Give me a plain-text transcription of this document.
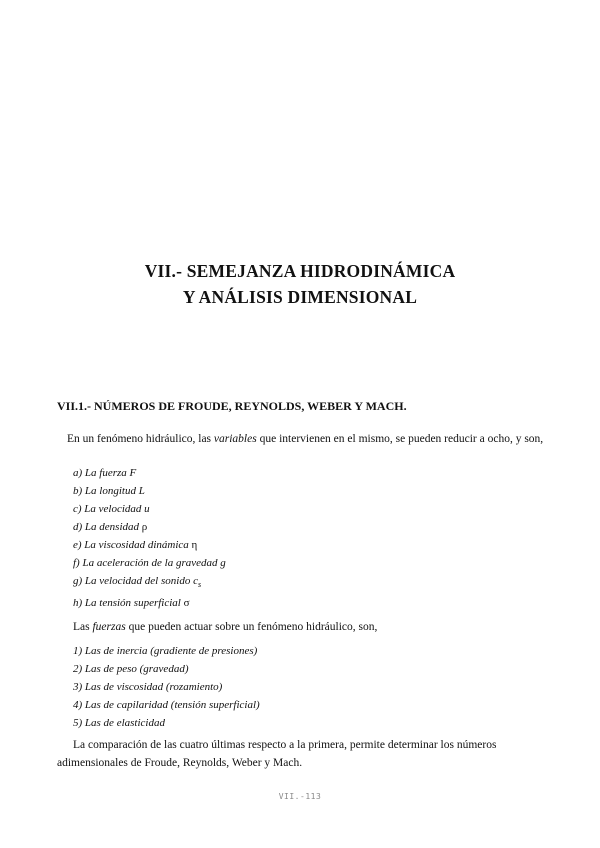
VII.- SEMEJANZA HIDRODINÁMICA
Y ANÁLISIS DIMENSIONAL
VII.1.- NÚMEROS DE FROUDE, REYNOLDS, WEBER Y MACH.
En un fenómeno hidráulico, las variables que intervienen en el mismo, se pueden reducir a ocho, y son,
a) La fuerza F
b) La longitud L
c) La velocidad u
d) La densidad ρ
e) La viscosidad dinámica η
f) La aceleración de la gravedad g
g) La velocidad del sonido $c_s$
h) La tensión superficial σ
Las fuerzas que pueden actuar sobre un fenómeno hidráulico, son,
1) Las de inercia (gradiente de presiones)
2) Las de peso (gravedad)
3) Las de viscosidad (rozamiento)
4) Las de capilaridad (tensión superficial)
5) Las de elasticidad
La comparación de las cuatro últimas respecto a la primera, permite determinar los números adimensionales de Froude, Reynolds, Weber y Mach.
VII.-113
